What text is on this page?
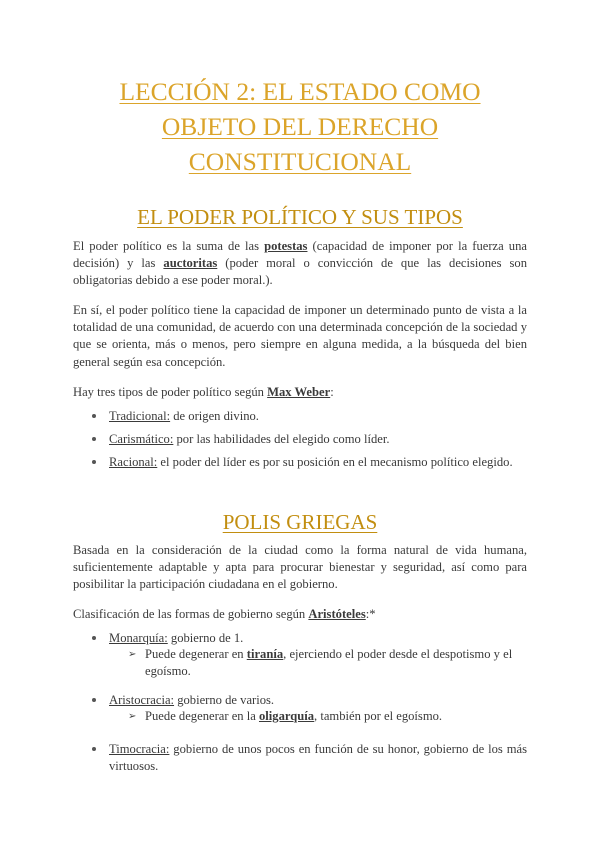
LECCIÓN 2: EL ESTADO COMO
OBJETO DEL DERECHO
CONSTITUCIONAL
EL PODER POLÍTICO Y SUS TIPOS

El poder político es la suma de las potestas (capacidad de imponer por la fuerza una decisión) y las auctoritas (poder moral o convicción de que las decisiones son obligatorias debido a ese poder moral.).

En sí, el poder político tiene la capacidad de imponer un determinado punto de vista a la totalidad de una comunidad, de acuerdo con una determinada concepción de la sociedad y que se orienta, más o menos, pero siempre en alguna medida, a la búsqueda del bien general según esa concepción.

Hay tres tipos de poder político según Max Weber:

Tradicional: de origen divino.

Carismático: por las habilidades del elegido como líder.

Racional: el poder del líder es por su posición en el mecanismo político elegido.

POLIS GRIEGAS

Basada en la consideración de la ciudad como la forma natural de vida humana, suficientemente adaptable y apta para procurar bienestar y seguridad, así como para posibilitar la participación ciudadana en el gobierno.

Clasificación de las formas de gobierno según Aristóteles:*

Monarquía: gobierno de 1.

➢ Puede degenerar en tiranía, ejerciendo el poder desde el despotismo y el egoísmo.

Aristocracia: gobierno de varios.

➢ Puede degenerar en la oligarquía, también por el egoísmo.

Timocracia: gobierno de unos pocos en función de su honor, gobierno de los más virtuosos.
